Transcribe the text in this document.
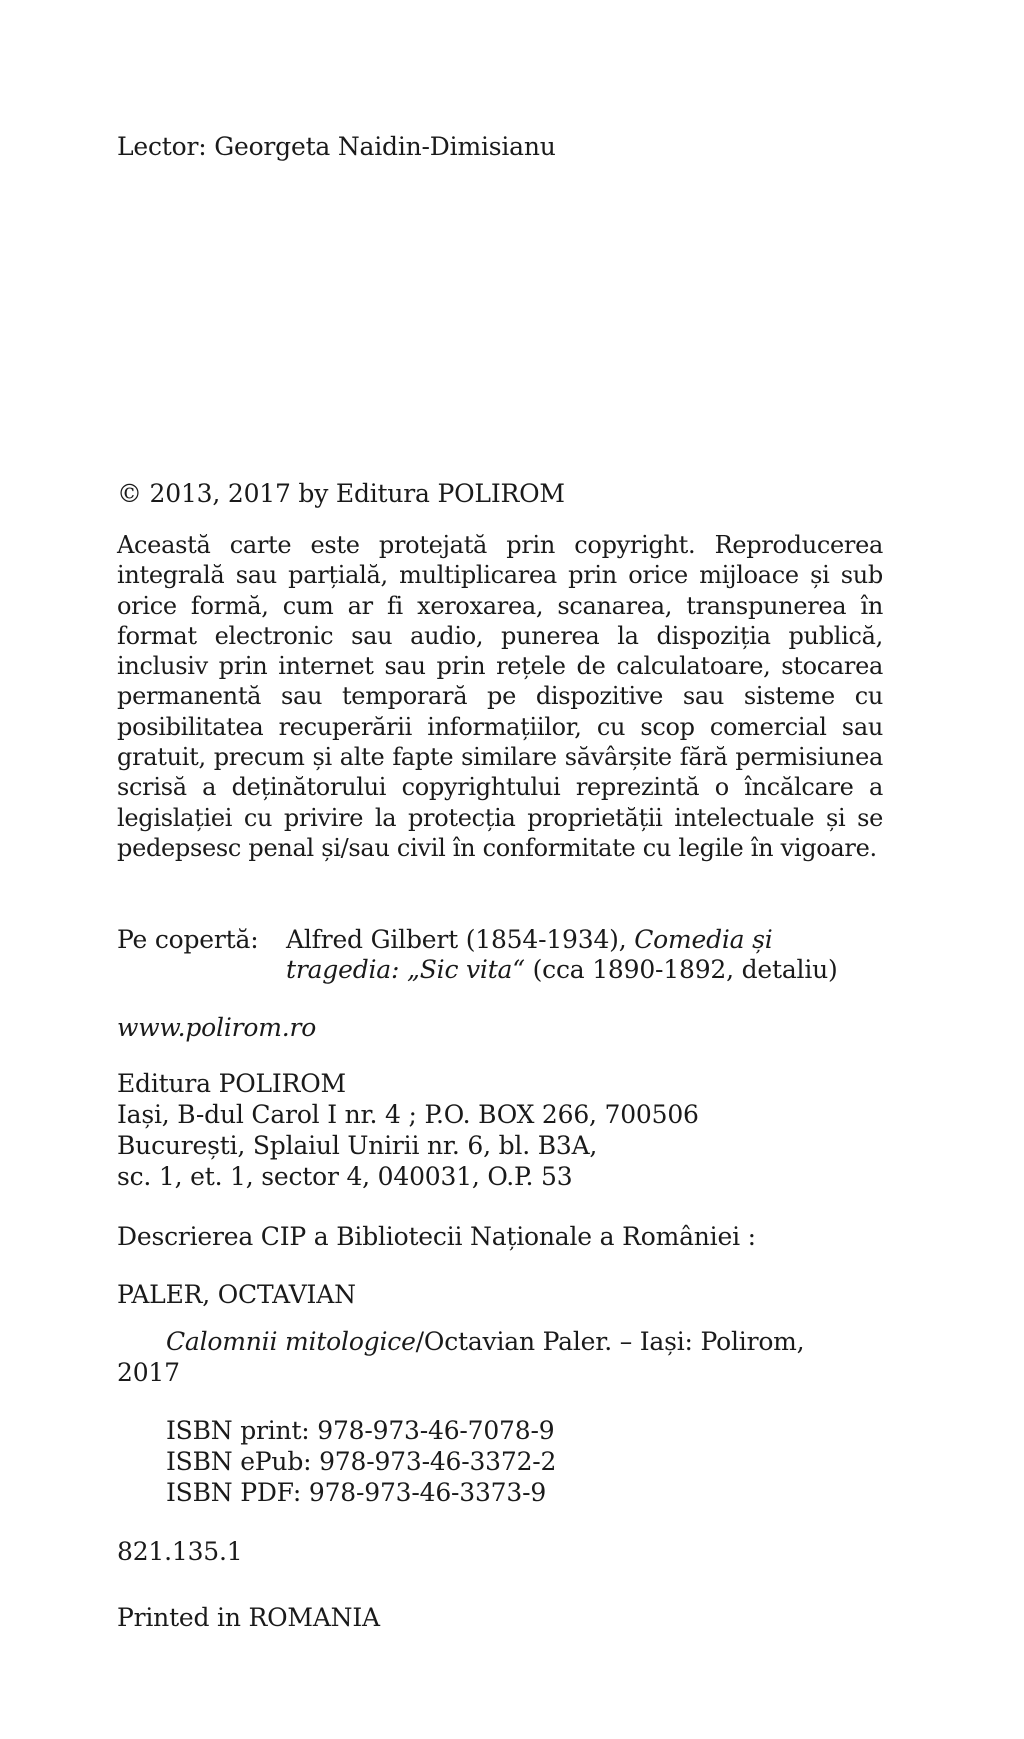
Lector: Georgeta Naidin-Dimisianu
© 2013, 2017 by Editura POLIROM
Această carte este protejată prin copyright. Reproducerea integrală sau parțială, multiplicarea prin orice mijloace și sub orice formă, cum ar fi xeroxarea, scanarea, transpunerea în format electronic sau audio, punerea la dispoziția publică, inclusiv prin internet sau prin rețele de calculatoare, stocarea permanentă sau temporară pe dispozitive sau sisteme cu posibilitatea recuperării informațiilor, cu scop comercial sau gratuit, precum și alte fapte similare săvârșite fără permisiunea scrisă a deținătorului copyrightului reprezintă o încălcare a legislației cu privire la protecția proprietății intelectuale și se pedepsesc penal și/sau civil în conformitate cu legile în vigoare.
Pe copertă: Alfred Gilbert (1854-1934), Comedia și
tragedia: „Sic vita“ (cca 1890-1892, detaliu)
www.polirom.ro
Editura POLIROM
Iași, B-dul Carol I nr. 4 ; P.O. BOX 266, 700506
București, Splaiul Unirii nr. 6, bl. B3A,
sc. 1, et. 1, sector 4, 040031, O.P. 53
Descrierea CIP a Bibliotecii Naționale a României :
PALER, OCTAVIAN
Calomnii mitologice/Octavian Paler. – Iași: Polirom,
2017
ISBN print: 978-973-46-7078-9
ISBN ePub: 978-973-46-3372-2
ISBN PDF: 978-973-46-3373-9
821.135.1
Printed in ROMANIA
